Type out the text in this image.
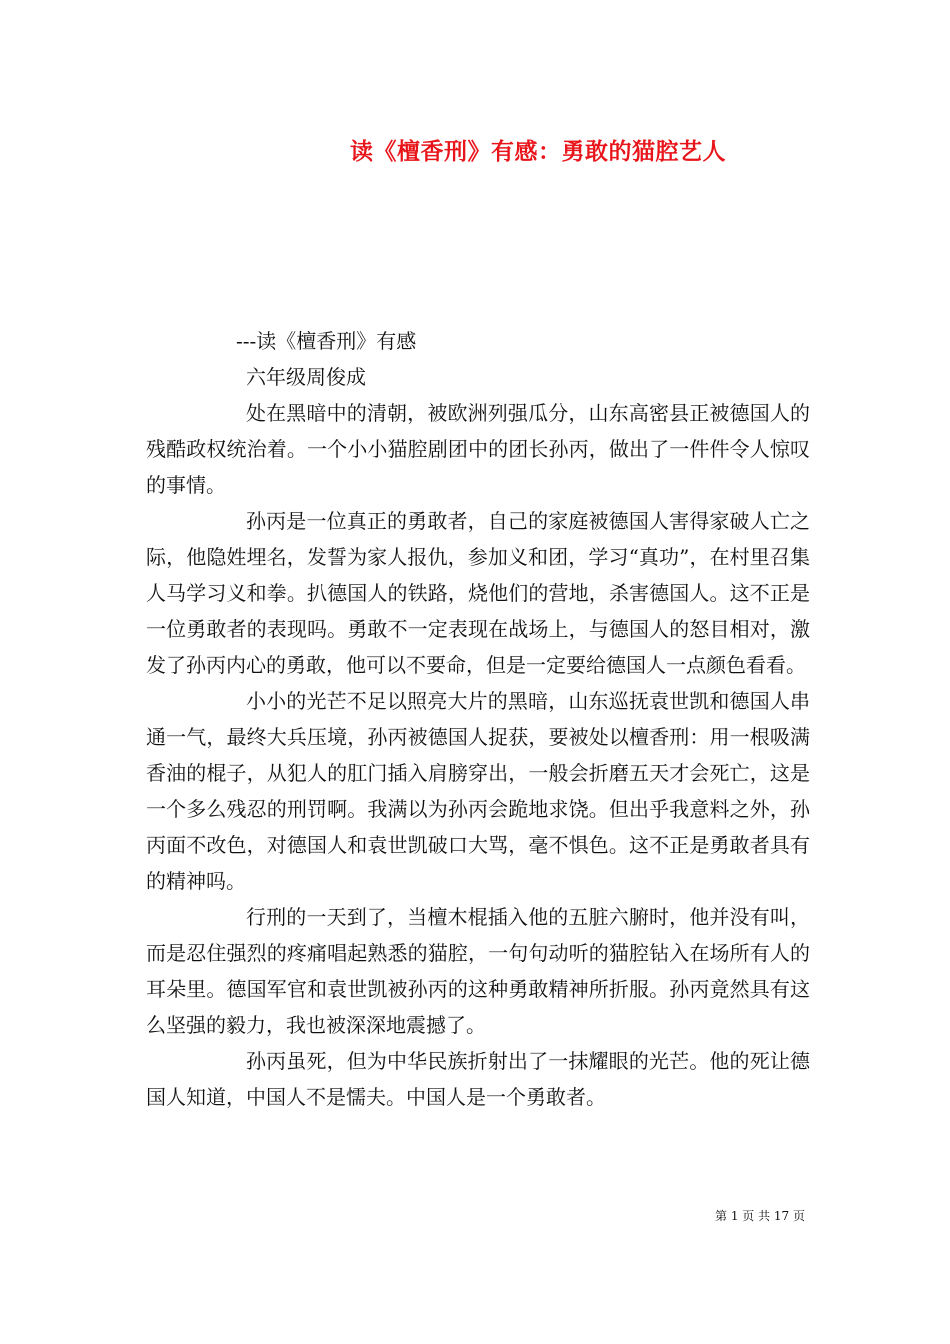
读《檀香刑》有感：勇敢的猫腔艺人

---读《檀香刑》有感

六年级周俊成

处在黑暗中的清朝，被欧洲列强瓜分，山东高密县正被德国人的残酷政权统治着。一个小小猫腔剧团中的团长孙丙，做出了一件件令人惊叹的事情。

孙丙是一位真正的勇敢者，自己的家庭被德国人害得家破人亡之际，他隐姓埋名，发誓为家人报仇，参加义和团，学习“真功”，在村里召集人马学习义和拳。扒德国人的铁路，烧他们的营地，杀害德国人。这不正是一位勇敢者的表现吗。勇敢不一定表现在战场上，与德国人的怒目相对，激发了孙丙内心的勇敢，他可以不要命，但是一定要给德国人一点颜色看看。

小小的光芒不足以照亮大片的黑暗，山东巡抚袁世凯和德国人串通一气，最终大兵压境，孙丙被德国人捉获，要被处以檀香刑：用一根吸满香油的棍子，从犯人的肛门插入肩膀穿出，一般会折磨五天才会死亡，这是一个多么残忍的刑罚啊。我满以为孙丙会跪地求饶。但出乎我意料之外，孙丙面不改色，对德国人和袁世凯破口大骂，毫不惧色。这不正是勇敢者具有的精神吗。

行刑的一天到了，当檀木棍插入他的五脏六腑时，他并没有叫，而是忍住强烈的疼痛唱起熟悉的猫腔，一句句动听的猫腔钻入在场所有人的耳朵里。德国军官和袁世凯被孙丙的这种勇敢精神所折服。孙丙竟然具有这么坚强的毅力，我也被深深地震撼了。

孙丙虽死，但为中华民族折射出了一抹耀眼的光芒。他的死让德国人知道，中国人不是懦夫。中国人是一个勇敢者。

第 1 页 共 17 页
